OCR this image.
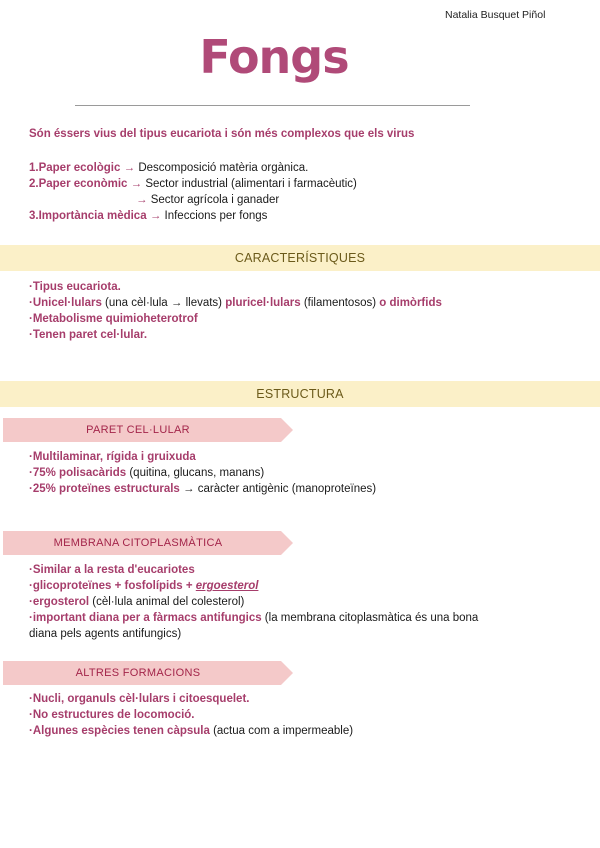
Natalia Busquet Piñol
Fongs
Són éssers vius del tipus eucariota i són més complexos que els virus
1.Paper ecològic → Descomposició matèria orgànica.
2.Paper econòmic → Sector industrial (alimentari i farmacèutic)
→ Sector agrícola i ganader
3.Importància mèdica → Infeccions per fongs
CARACTERÍSTIQUES
·Tipus eucariota.
·Unicel·lulars (una cèl·lula → llevats) pluricel·lulars (filamentosos) o dimòrfids
·Metabolisme quimioheterotrof
·Tenen paret cel·lular.
ESTRUCTURA
PARET CEL·LULAR
·Multilaminar, rígida i gruixuda
·75% polisacàrids (quitina, glucans, manans)
·25% proteïnes estructurals → caràcter antigènic (manoproteïnes)
MEMBRANA CITOPLASMÀTICA
·Similar a la resta d'eucariotes
·glicoproteïnes + fosfolípids + ergoesterol
·ergosterol (cèl·lula animal del colesterol)
·important diana per a fàrmacs antifungics (la membrana citoplasmàtica és una bona
diana pels agents antifungics)
ALTRES FORMACIONS
·Nucli, organuls cèl·lulars i citoesquelet.
·No estructures de locomoció.
·Algunes espècies tenen càpsula (actua com a impermeable)
